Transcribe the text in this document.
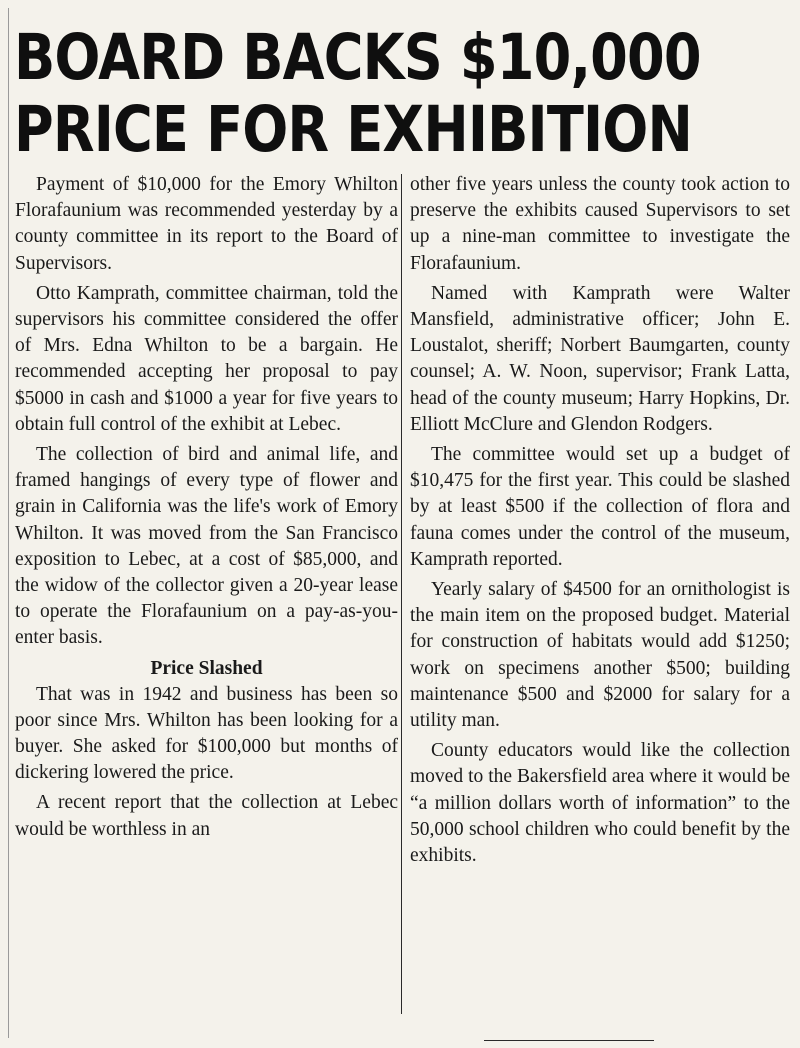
BOARD BACKS $10,000
PRICE FOR EXHIBITION

Payment of $10,000 for the Emory Whilton Florafaunium was recommended yesterday by a county committee in its report to the Board of Supervisors.

Otto Kamprath, committee chairman, told the supervisors his committee considered the offer of Mrs. Edna Whilton to be a bargain. He recommended accepting her proposal to pay $5000 in cash and $1000 a year for five years to obtain full control of the exhibit at Lebec.

The collection of bird and animal life, and framed hangings of every type of flower and grain in California was the life's work of Emory Whilton. It was moved from the San Francisco exposition to Lebec, at a cost of $85,000, and the widow of the collector given a 20-year lease to operate the Florafaunium on a pay-as-you-enter basis.

Price Slashed

That was in 1942 and business has been so poor since Mrs. Whilton has been looking for a buyer. She asked for $100,000 but months of dickering lowered the price.

A recent report that the collection at Lebec would be worthless in an

other five years unless the county took action to preserve the exhibits caused Supervisors to set up a nine-man committee to investigate the Florafaunium.

Named with Kamprath were Walter Mansfield, administrative officer; John E. Loustalot, sheriff; Norbert Baumgarten, county counsel; A. W. Noon, supervisor; Frank Latta, head of the county museum; Harry Hopkins, Dr. Elliott McClure and Glendon Rodgers.

The committee would set up a budget of $10,475 for the first year. This could be slashed by at least $500 if the collection of flora and fauna comes under the control of the museum, Kamprath reported.

Yearly salary of $4500 for an ornithologist is the main item on the proposed budget. Material for construction of habitats would add $1250; work on specimens another $500; building maintenance $500 and $2000 for salary for a utility man.

County educators would like the collection moved to the Bakersfield area where it would be “a million dollars worth of information” to the 50,000 school children who could benefit by the exhibits.
